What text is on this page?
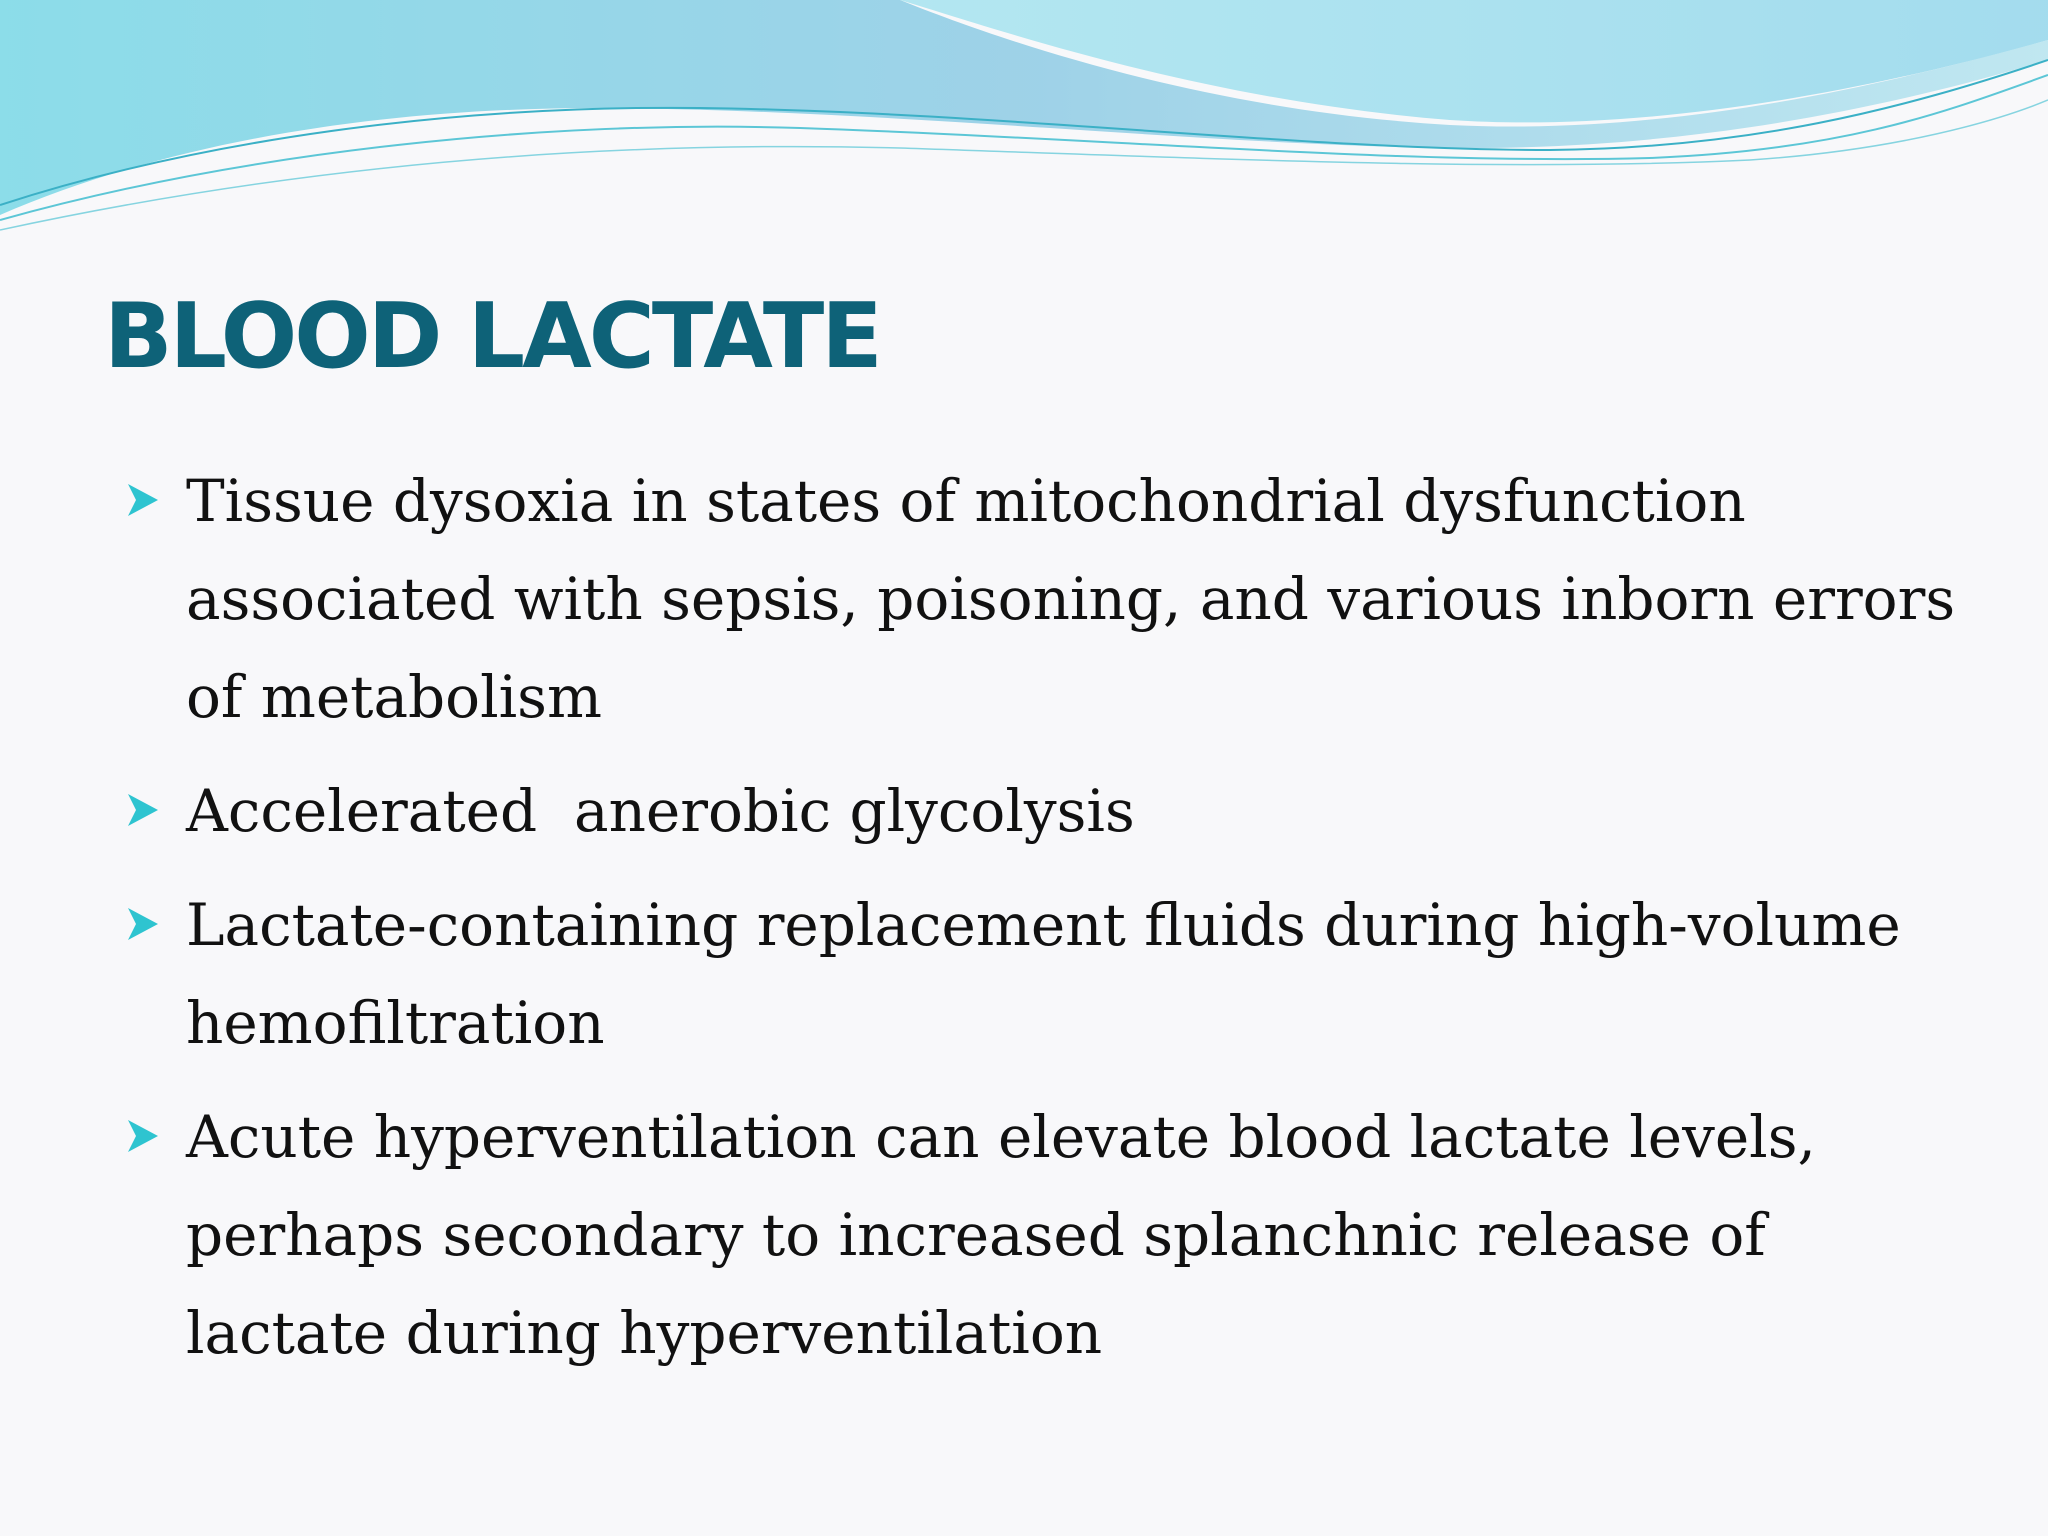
BLOOD LACTATE
Tissue dysoxia in states of mitochondrial dysfunction associated with sepsis, poisoning, and various inborn errors of metabolism
Accelerated  anerobic glycolysis
Lactate-containing replacement fluids during high-volume hemofiltration
Acute hyperventilation can elevate blood lactate levels, perhaps secondary to increased splanchnic release of lactate during hyperventilation
